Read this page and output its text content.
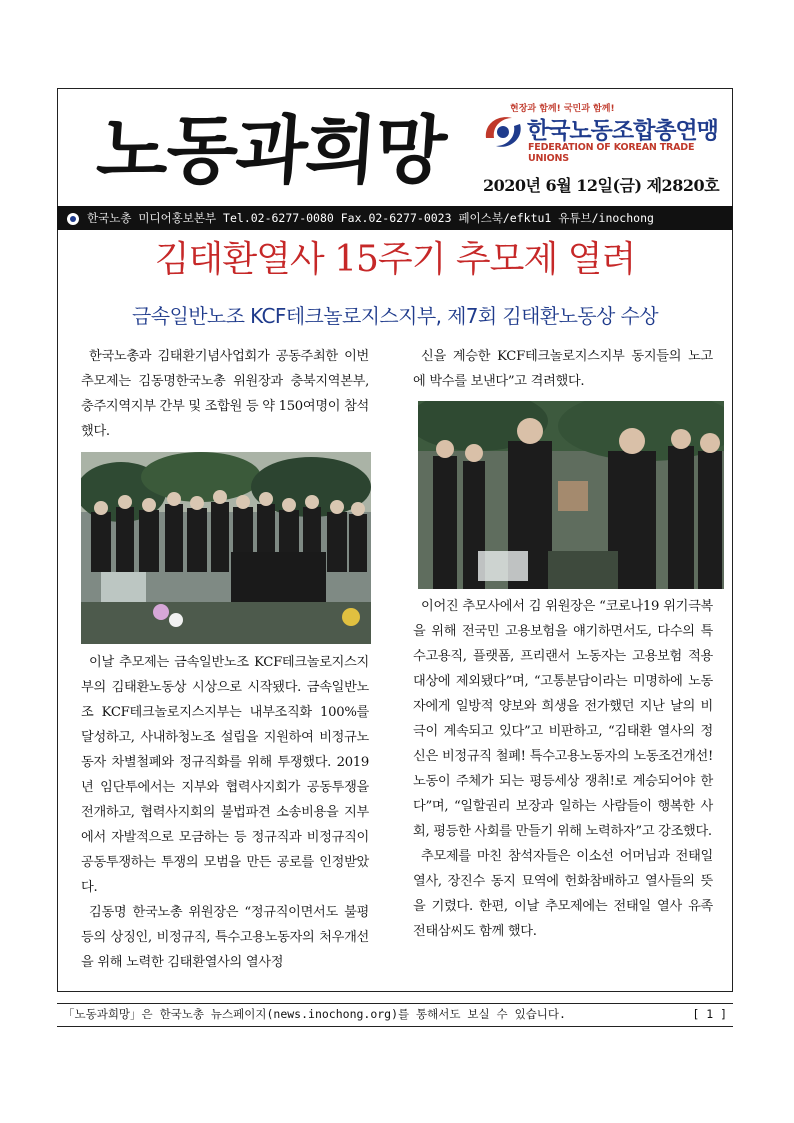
노동과희망	현장과 함께! 국민과 함께!
한국노동조합총연맹
FEDERATION OF KOREAN TRADE UNIONS
2020년 6월 12일(금) 제2820호
한국노총 미디어홍보본부 Tel.02-6277-0080 Fax.02-6277-0023 페이스북/efktu1 유튜브/inochong
김태환열사 15주기 추모제 열려
금속일반노조 KCF테크놀로지스지부, 제7회 김태환노동상 수상

한국노총과 김태환기념사업회가 공동주최한 이번 추모제는 김동명한국노총 위원장과 충북지역본부, 충주지역지부 간부 및 조합원 등 약 150여명이 참석했다.

이날 추모제는 금속일반노조 KCF테크놀로지스지부의 김태환노동상 시상으로 시작됐다. 금속일반노조 KCF테크놀로지스지부는 내부조직화 100%를 달성하고, 사내하청노조 설립을 지원하여 비정규노동자 차별철폐와 정규직화를 위해 투쟁했다. 2019년 임단투에서는 지부와 협력사지회가 공동투쟁을 전개하고, 협력사지회의 불법파견 소송비용을 지부에서 자발적으로 모금하는 등 정규직과 비정규직이 공동투쟁하는 투쟁의 모범을 만든 공로를 인정받았다.

김동명 한국노총 위원장은 “정규직이면서도 불평등의 상징인, 비정규직, 특수고용노동자의 처우개선을 위해 노력한 김태환열사의 열사정

신을 계승한 KCF테크놀로지스지부 동지들의 노고에 박수를 보낸다”고 격려했다.

이어진 추모사에서 김 위원장은 “코로나19 위기극복을 위해 전국민 고용보험을 얘기하면서도, 다수의 특수고용직, 플랫폼, 프리랜서 노동자는 고용보험 적용대상에 제외됐다”며, “고통분담이라는 미명하에 노동자에게 일방적 양보와 희생을 전가했던 지난 날의 비극이 계속되고 있다”고 비판하고, “김태환 열사의 정신은 비정규직 철폐! 특수고용노동자의 노동조건개선! 노동이 주체가 되는 평등세상 쟁취!로 계승되어야 한다”며, “일할권리 보장과 일하는 사람들이 행복한 사회, 평등한 사회를 만들기 위해 노력하자”고 강조했다.

추모제를 마친 참석자들은 이소선 어머님과 전태일 열사, 장진수 동지 묘역에 헌화참배하고 열사들의 뜻을 기렸다. 한편, 이날 추모제에는 전태일 열사 유족 전태삼씨도 함께 했다.

「노동과희망」은 한국노총 뉴스페이지(news.inochong.org)를 통해서도 보실 수 있습니다.	[ 1 ]
